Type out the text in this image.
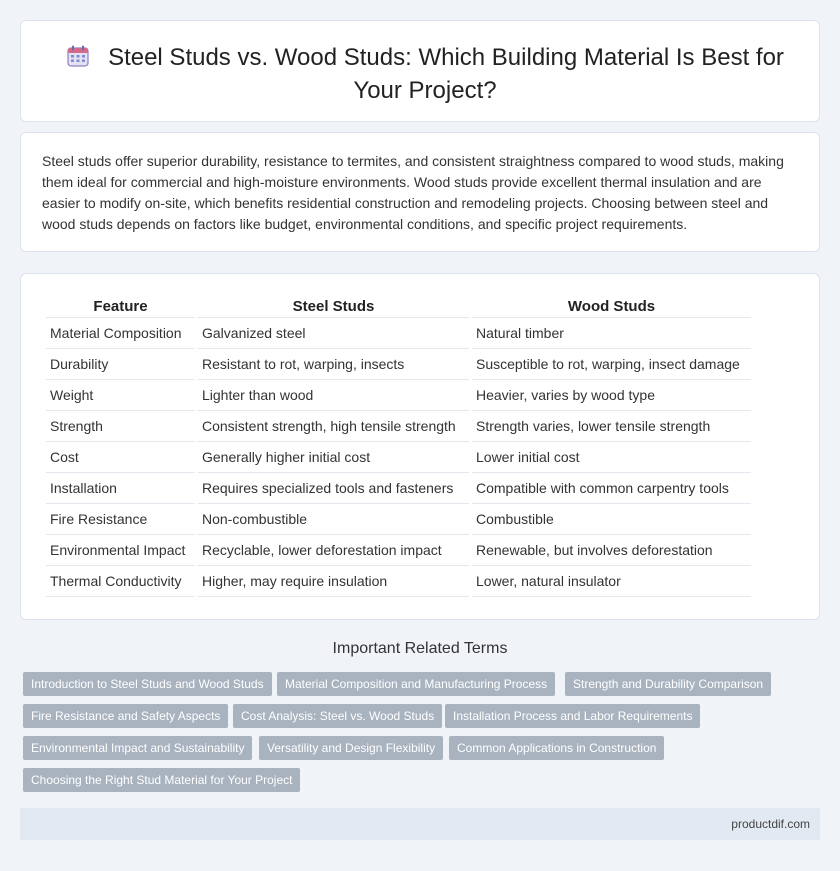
Steel Studs vs. Wood Studs: Which Building Material Is Best for Your Project?

Steel studs offer superior durability, resistance to termites, and consistent straightness compared to wood studs, making them ideal for commercial and high-moisture environments. Wood studs provide excellent thermal insulation and are easier to modify on-site, which benefits residential construction and remodeling projects. Choosing between steel and wood studs depends on factors like budget, environmental conditions, and specific project requirements.

Feature	Steel Studs	Wood Studs
Material Composition	Galvanized steel	Natural timber
Durability	Resistant to rot, warping, insects	Susceptible to rot, warping, insect damage
Weight	Lighter than wood	Heavier, varies by wood type
Strength	Consistent strength, high tensile strength	Strength varies, lower tensile strength
Cost	Generally higher initial cost	Lower initial cost
Installation	Requires specialized tools and fasteners	Compatible with common carpentry tools
Fire Resistance	Non-combustible	Combustible
Environmental Impact	Recyclable, lower deforestation impact	Renewable, but involves deforestation
Thermal Conductivity	Higher, may require insulation	Lower, natural insulator
Important Related Terms
Introduction to Steel Studs and Wood Studs	Material Composition and Manufacturing Process	Strength and Durability Comparison
Fire Resistance and Safety Aspects	Cost Analysis: Steel vs. Wood Studs	Installation Process and Labor Requirements
Environmental Impact and Sustainability	Versatility and Design Flexibility	Common Applications in Construction
Choosing the Right Stud Material for Your Project
productdif.com
